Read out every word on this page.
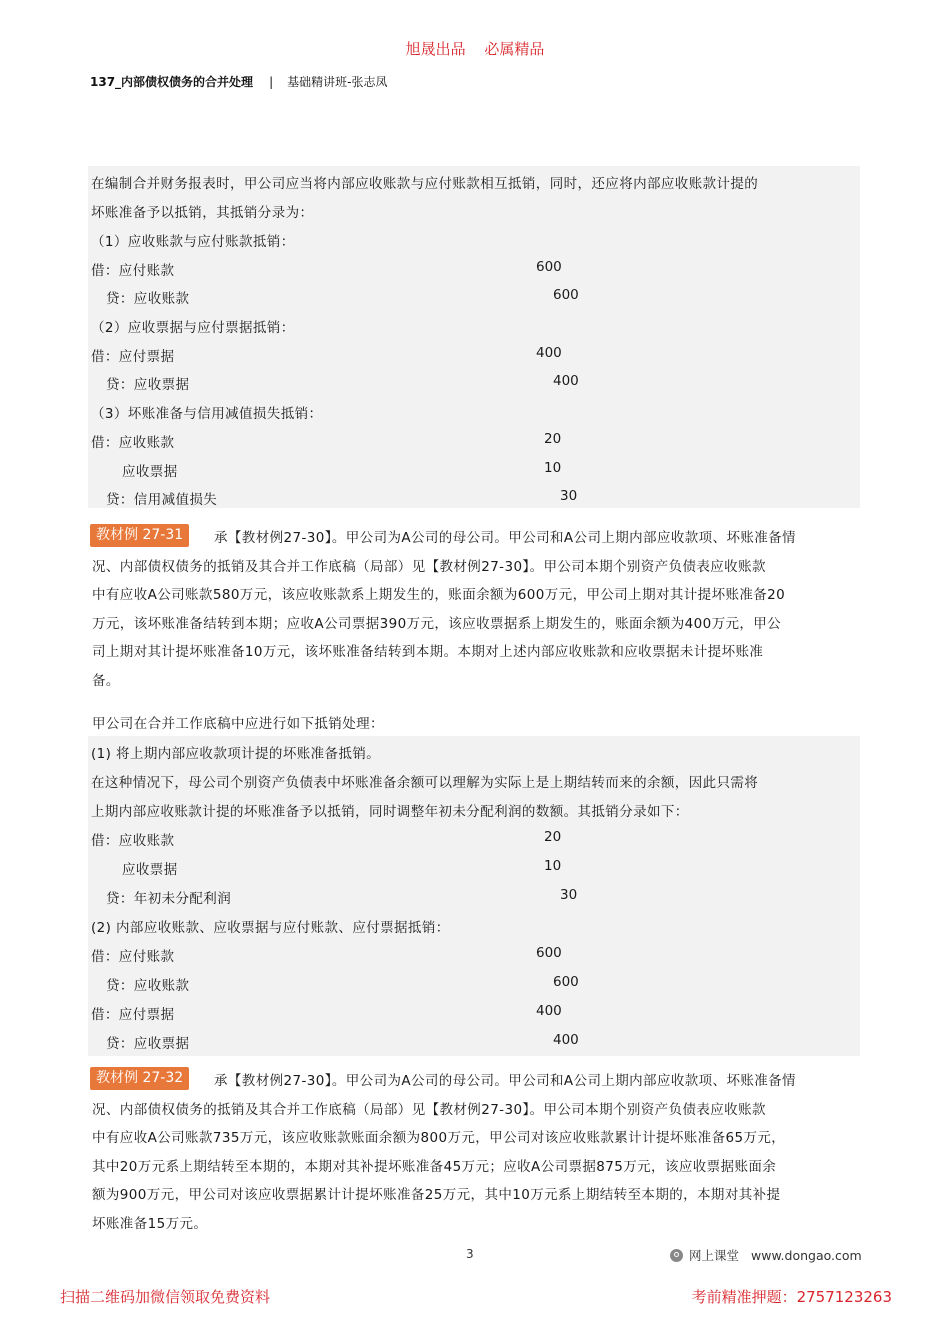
旭晟出品 必属精品
137_内部债权债务的合并处理 | 基础精讲班-张志凤
在编制合并财务报表时，甲公司应当将内部应收账款与应付账款相互抵销，同时，还应将内部应收账款计提的
坏账准备予以抵销，其抵销分录为：
（1）应收账款与应付账款抵销：
借：应付账款	600
贷：应收账款	600
（2）应收票据与应付票据抵销：
借：应付票据	400
贷：应收票据	400
（3）坏账准备与信用减值损失抵销：
借：应收账款	20
应收票据	10
贷：信用减值损失	30
教材例 27-31	承【教材例27-30】。甲公司为A公司的母公司。甲公司和A公司上期内部应收款项、坏账准备情
况、内部债权债务的抵销及其合并工作底稿（局部）见【教材例27-30】。甲公司本期个别资产负债表应收账款
中有应收A公司账款580万元，该应收账款系上期发生的，账面余额为600万元，甲公司上期对其计提坏账准备20
万元，该坏账准备结转到本期；应收A公司票据390万元，该应收票据系上期发生的，账面余额为400万元，甲公
司上期对其计提坏账准备10万元，该坏账准备结转到本期。本期对上述内部应收账款和应收票据未计提坏账准
备。
甲公司在合并工作底稿中应进行如下抵销处理：
(1) 将上期内部应收款项计提的坏账准备抵销。
在这种情况下，母公司个别资产负债表中坏账准备余额可以理解为实际上是上期结转而来的余额，因此只需将
上期内部应收账款计提的坏账准备予以抵销，同时调整年初未分配利润的数额。其抵销分录如下：
借：应收账款	20
应收票据	10
贷：年初未分配利润	30
(2) 内部应收账款、应收票据与应付账款、应付票据抵销：
借：应付账款	600
贷：应收账款	600
借：应付票据	400
贷：应收票据	400
教材例 27-32	承【教材例27-30】。甲公司为A公司的母公司。甲公司和A公司上期内部应收款项、坏账准备情
况、内部债权债务的抵销及其合并工作底稿（局部）见【教材例27-30】。甲公司本期个别资产负债表应收账款
中有应收A公司账款735万元，该应收账款账面余额为800万元，甲公司对该应收账款累计计提坏账准备65万元，
其中20万元系上期结转至本期的，本期对其补提坏账准备45万元；应收A公司票据875万元，该应收票据账面余
额为900万元，甲公司对该应收票据累计计提坏账准备25万元，其中10万元系上期结转至本期的，本期对其补提
坏账准备15万元。
3	网上课堂 www.dongao.com
扫描二维码加微信领取免费资料	考前精准押题：2757123263
